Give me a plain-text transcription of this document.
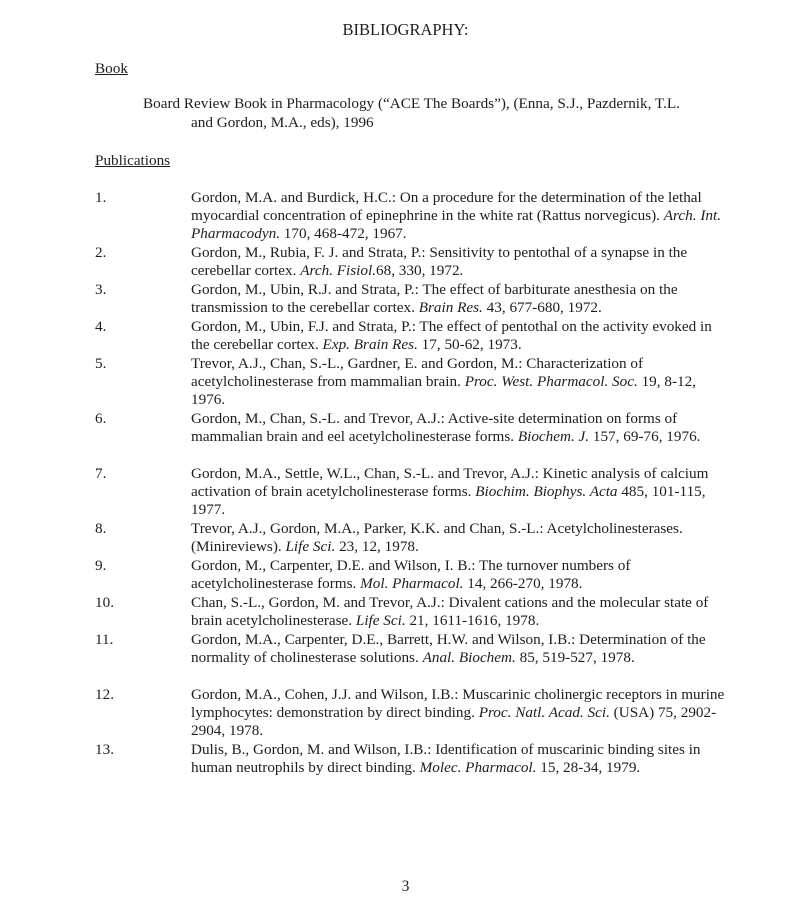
BIBLIOGRAPHY:
Book
Board Review Book in Pharmacology (“ACE The Boards”), (Enna, S.J., Pazdernik, T.L.
and Gordon, M.A., eds), 1996
Publications
1.	Gordon, M.A. and Burdick, H.C.: On a procedure for the determination of the lethal myocardial concentration of epinephrine in the white rat (Rattus norvegicus). Arch. Int. Pharmacodyn. 170, 468-472, 1967.
2.	Gordon, M., Rubia, F. J. and Strata, P.: Sensitivity to pentothal of a synapse in the cerebellar cortex. Arch. Fisiol.68, 330, 1972.
3.	Gordon, M., Ubin, R.J. and Strata, P.: The effect of barbiturate anesthesia on the transmission to the cerebellar cortex. Brain Res. 43, 677-680, 1972.
4.	Gordon, M., Ubin, F.J. and Strata, P.: The effect of pentothal on the activity evoked in the cerebellar cortex. Exp. Brain Res. 17, 50-62, 1973.
5.	Trevor, A.J., Chan, S.-L., Gardner, E. and Gordon, M.: Characterization of acetylcholinesterase from mammalian brain. Proc. West. Pharmacol. Soc. 19, 8-12, 1976.
6.	Gordon, M., Chan, S.-L. and Trevor, A.J.: Active-site determination on forms of mammalian brain and eel acetylcholinesterase forms. Biochem. J. 157, 69-76, 1976.
7.	Gordon, M.A., Settle, W.L., Chan, S.-L. and Trevor, A.J.: Kinetic analysis of calcium activation of brain acetylcholinesterase forms. Biochim. Biophys. Acta 485, 101-115, 1977.
8.	Trevor, A.J., Gordon, M.A., Parker, K.K. and Chan, S.-L.: Acetylcholinesterases. (Minireviews). Life Sci. 23, 12, 1978.
9.	Gordon, M., Carpenter, D.E. and Wilson, I. B.: The turnover numbers of acetylcholinesterase forms. Mol. Pharmacol. 14, 266-270, 1978.
10.	Chan, S.-L., Gordon, M. and Trevor, A.J.: Divalent cations and the molecular state of brain acetylcholinesterase. Life Sci. 21, 1611-1616, 1978.
11.	Gordon, M.A., Carpenter, D.E., Barrett, H.W. and Wilson, I.B.: Determination of the normality of cholinesterase solutions. Anal. Biochem. 85, 519-527, 1978.
12.	Gordon, M.A., Cohen, J.J. and Wilson, I.B.: Muscarinic cholinergic receptors in murine lymphocytes: demonstration by direct binding. Proc. Natl. Acad. Sci. (USA) 75, 2902-2904, 1978.
13.	Dulis, B., Gordon, M. and Wilson, I.B.: Identification of muscarinic binding sites in human neutrophils by direct binding. Molec. Pharmacol. 15, 28-34, 1979.
3
